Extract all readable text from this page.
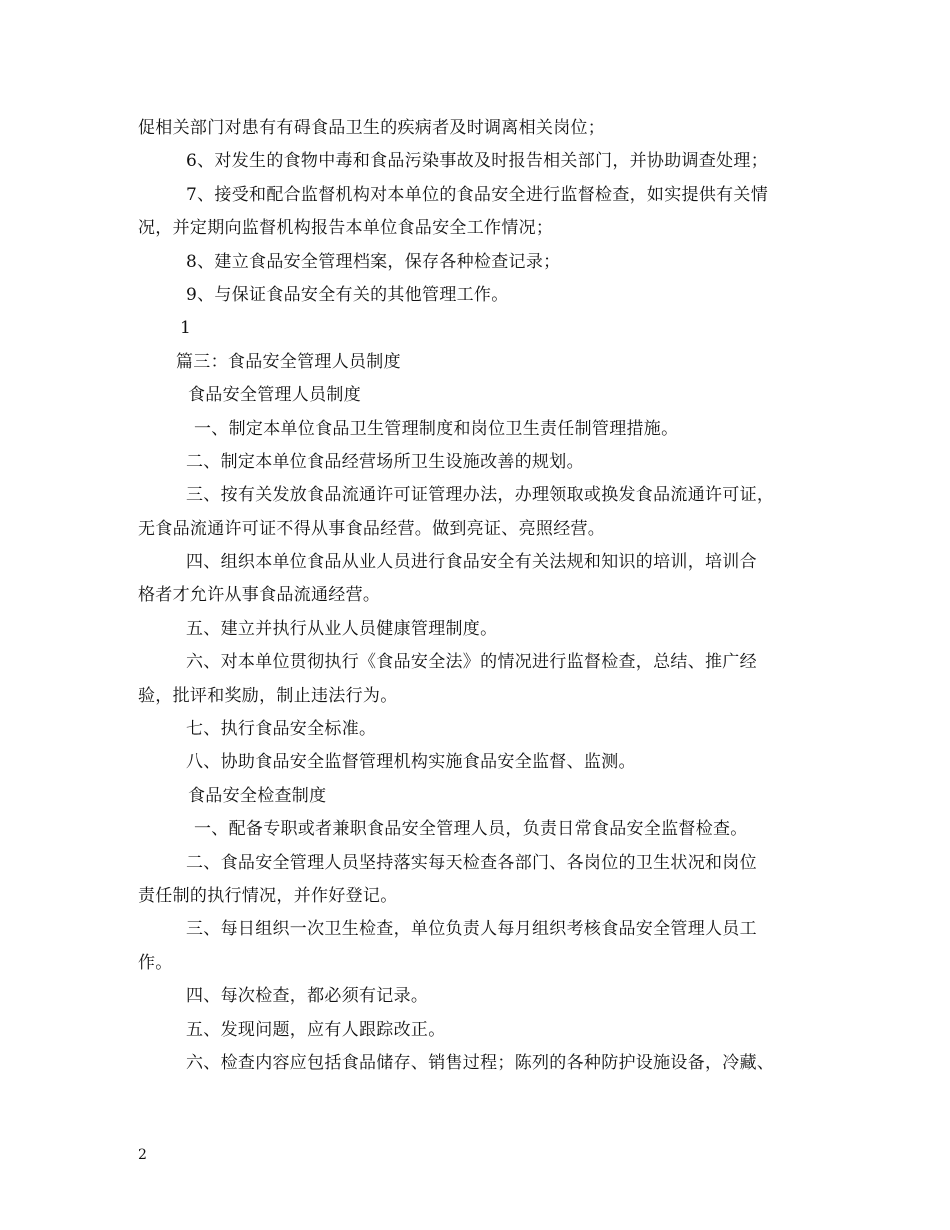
促相关部门对患有有碍食品卫生的疾病者及时调离相关岗位；
6、对发生的食物中毒和食品污染事故及时报告相关部门，并协助调查处理；
7、接受和配合监督机构对本单位的食品安全进行监督检查，如实提供有关情
况，并定期向监督机构报告本单位食品安全工作情况；
8、建立食品安全管理档案，保存各种检查记录；
9、与保证食品安全有关的其他管理工作。
1
篇三：食品安全管理人员制度
食品安全管理人员制度
一、制定本单位食品卫生管理制度和岗位卫生责任制管理措施。
二、制定本单位食品经营场所卫生设施改善的规划。
三、按有关发放食品流通许可证管理办法，办理领取或换发食品流通许可证，
无食品流通许可证不得从事食品经营。做到亮证、亮照经营。
四、组织本单位食品从业人员进行食品安全有关法规和知识的培训，培训合
格者才允许从事食品流通经营。
五、建立并执行从业人员健康管理制度。
六、对本单位贯彻执行《食品安全法》的情况进行监督检查，总结、推广经
验，批评和奖励，制止违法行为。
七、执行食品安全标准。
八、协助食品安全监督管理机构实施食品安全监督、监测。
食品安全检查制度
一、配备专职或者兼职食品安全管理人员，负责日常食品安全监督检查。
二、食品安全管理人员坚持落实每天检查各部门、各岗位的卫生状况和岗位
责任制的执行情况，并作好登记。
三、每日组织一次卫生检查，单位负责人每月组织考核食品安全管理人员工
作。
四、每次检查，都必须有记录。
五、发现问题，应有人跟踪改正。
六、检查内容应包括食品储存、销售过程；陈列的各种防护设施设备，冷藏、
2
